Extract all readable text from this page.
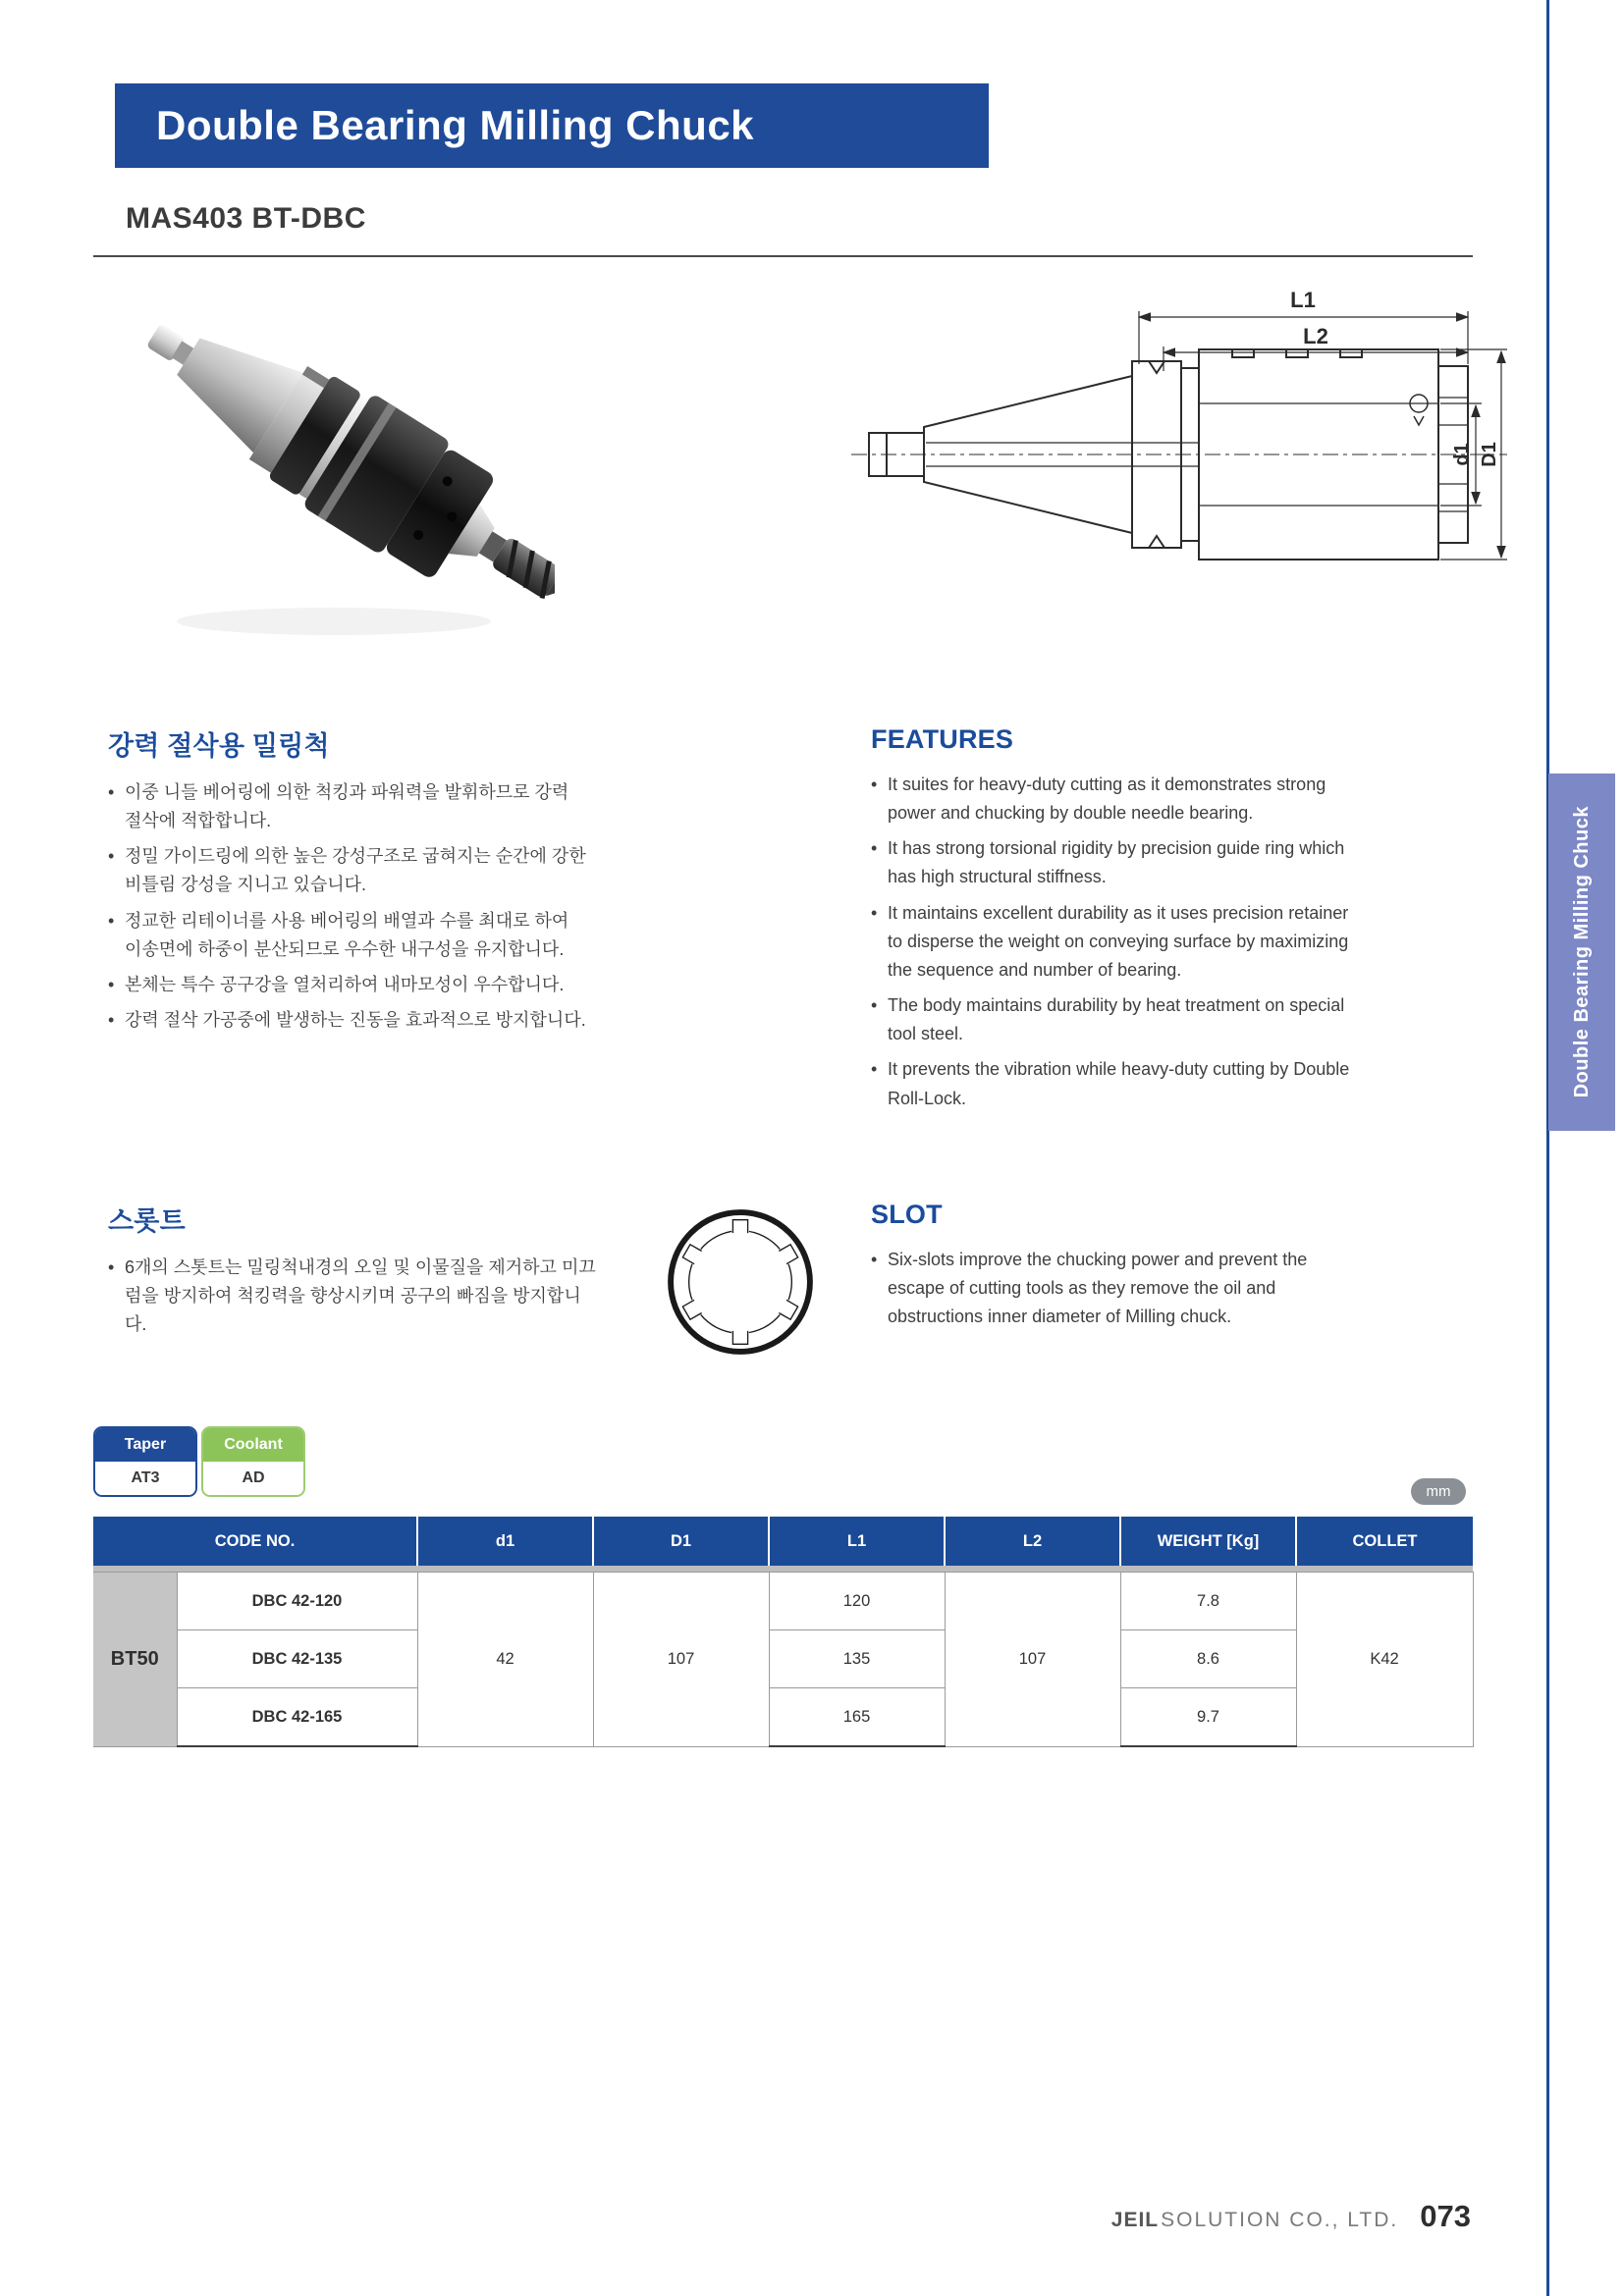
Double Bearing Milling Chuck
Double Bearing Milling Chuck
MAS403 BT-DBC
L1
L2
d1 D1
강력 절삭용 밀링척
• 이중 니들 베어링에 의한 척킹과 파워력을 발휘하므로 강력 절삭에 적합합니다.
• 정밀 가이드링에 의한 높은 강성구조로 굽혀지는 순간에 강한 비틀림 강성을 지니고 있습니다.
• 정교한 리테이너를 사용 베어링의 배열과 수를 최대로 하여 이송면에 하중이 분산되므로 우수한 내구성을 유지합니다.
• 본체는 특수 공구강을 열처리하여 내마모성이 우수합니다.
• 강력 절삭 가공중에 발생하는 진동을 효과적으로 방지합니다.
FEATURES
• It suites for heavy-duty cutting as it demonstrates strong power and chucking by double needle bearing.
• It has strong torsional rigidity by precision guide ring which has high structural stiffness.
• It maintains excellent durability as it uses precision retainer to disperse the weight on conveying surface by maximizing the sequence and number of bearing.
• The body maintains durability by heat treatment on special tool steel.
• It prevents the vibration while heavy-duty cutting by Double Roll-Lock.
스롯트
• 6개의 스톳트는 밀링척내경의 오일 및 이물질을 제거하고 미끄럼을 방지하여 척킹력을 향상시키며 공구의 빠짐을 방지합니다.
SLOT
• Six-slots improve the chucking power and prevent the escape of cutting tools as they remove the oil and obstructions inner diameter of Milling chuck.
Taper
AT3
Coolant
AD
mm
CODE NO.		d1	D1	L1	L2	WEIGHT [Kg]	COLLET

BT50	DBC 42-120	42	107	120	107	7.8	K42
	DBC 42-135			135		8.6	
	DBC 42-165			165		9.7	
JEILSOLUTION CO., LTD. 073
